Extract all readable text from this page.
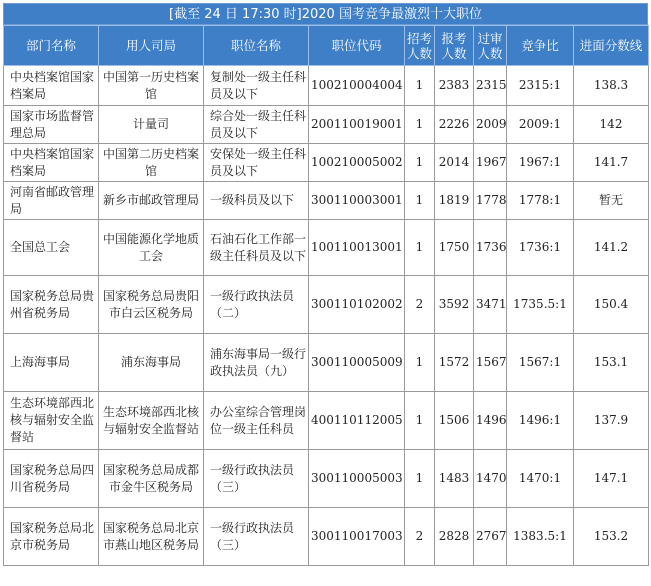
[截至 24 日 17:30 时]2020 国考竞争最激烈十大职位
部门名称	用人司局	职位名称	职位代码	招考人数	报考人数	过审人数	竞争比	进面分数线
中央档案馆国家档案局	中国第一历史档案馆	复制处一级主任科员及以下	100210004004	1	2383	2315	2315:1	138.3
国家市场监督管理总局	计量司	综合处一级主任科员及以下	200110019001	1	2226	2009	2009:1	142
中央档案馆国家档案局	中国第二历史档案馆	安保处一级主任科员及以下	100210005002	1	2014	1967	1967:1	141.7
河南省邮政管理局	新乡市邮政管理局	一级科员及以下	300110003001	1	1819	1778	1778:1	暂无
全国总工会	中国能源化学地质工会	石油石化工作部一级主任科员及以下	100110013001	1	1750	1736	1736:1	141.2
国家税务总局贵州省税务局	国家税务总局贵阳市白云区税务局	一级行政执法员（二）	300110102002	2	3592	3471	1735.5:1	150.4
上海海事局	浦东海事局	浦东海事局一级行政执法员（九）	300110005009	1	1572	1567	1567:1	153.1
生态环境部西北核与辐射安全监督站	生态环境部西北核与辐射安全监督站	办公室综合管理岗位一级主任科员	400110112005	1	1506	1496	1496:1	137.9
国家税务总局四川省税务局	国家税务总局成都市金牛区税务局	一级行政执法员（三）	300110005003	1	1483	1470	1470:1	147.1
国家税务总局北京市税务局	国家税务总局北京市燕山地区税务局	一级行政执法员（三）	300110017003	2	2828	2767	1383.5:1	153.2
